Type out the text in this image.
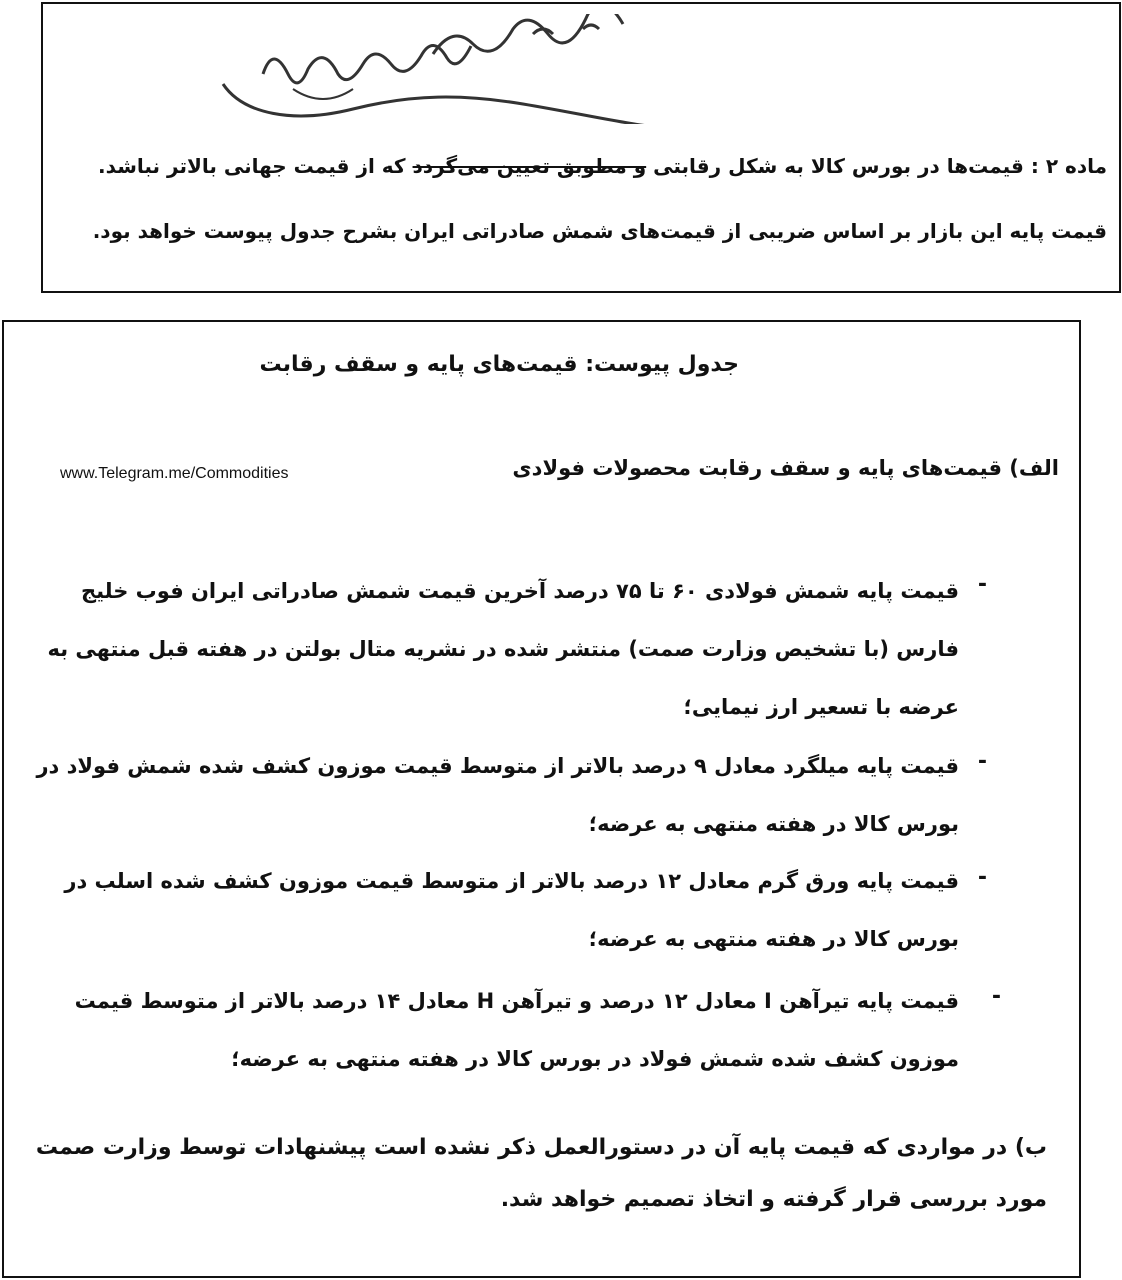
ماده ۲ : قیمت‌ها در بورس کالا به شکل رقابتی و مطوبق تعیین می‌گردد که از قیمت جهانی بالاتر نباشد.
قیمت پایه این بازار بر اساس ضریبی از قیمت‌های شمش صادراتی ایران بشرح جدول پیوست خواهد بود.
جدول پیوست: قیمت‌های پایه و سقف رقابت
www.Telegram.me/Commodities	الف) قیمت‌های پایه و سقف رقابت محصولات فولادی
-
قیمت پایه شمش فولادی ۶۰ تا ۷۵ درصد آخرین قیمت شمش صادراتی ایران فوب خلیج فارس (با تشخیص وزارت صمت) منتشر شده در نشریه متال بولتن در هفته قبل منتهی به عرضه با تسعیر ارز نیمایی؛
-
قیمت پایه میلگرد معادل ۹ درصد بالاتر از متوسط قیمت موزون کشف شده شمش فولاد در بورس کالا در هفته منتهی به عرضه؛
-
قیمت پایه ورق گرم معادل ۱۲ درصد بالاتر از متوسط قیمت موزون کشف شده اسلب در بورس کالا در هفته منتهی به عرضه؛
-
قیمت پایه تیرآهن I معادل ۱۲ درصد و تیرآهن H معادل ۱۴ درصد بالاتر از متوسط قیمت موزون کشف شده شمش فولاد در بورس کالا در هفته منتهی به عرضه؛
ب) در مواردی که قیمت پایه آن در دستورالعمل ذکر نشده است پیشنهادات توسط وزارت صمت مورد بررسی قرار گرفته و اتخاذ تصمیم خواهد شد.
